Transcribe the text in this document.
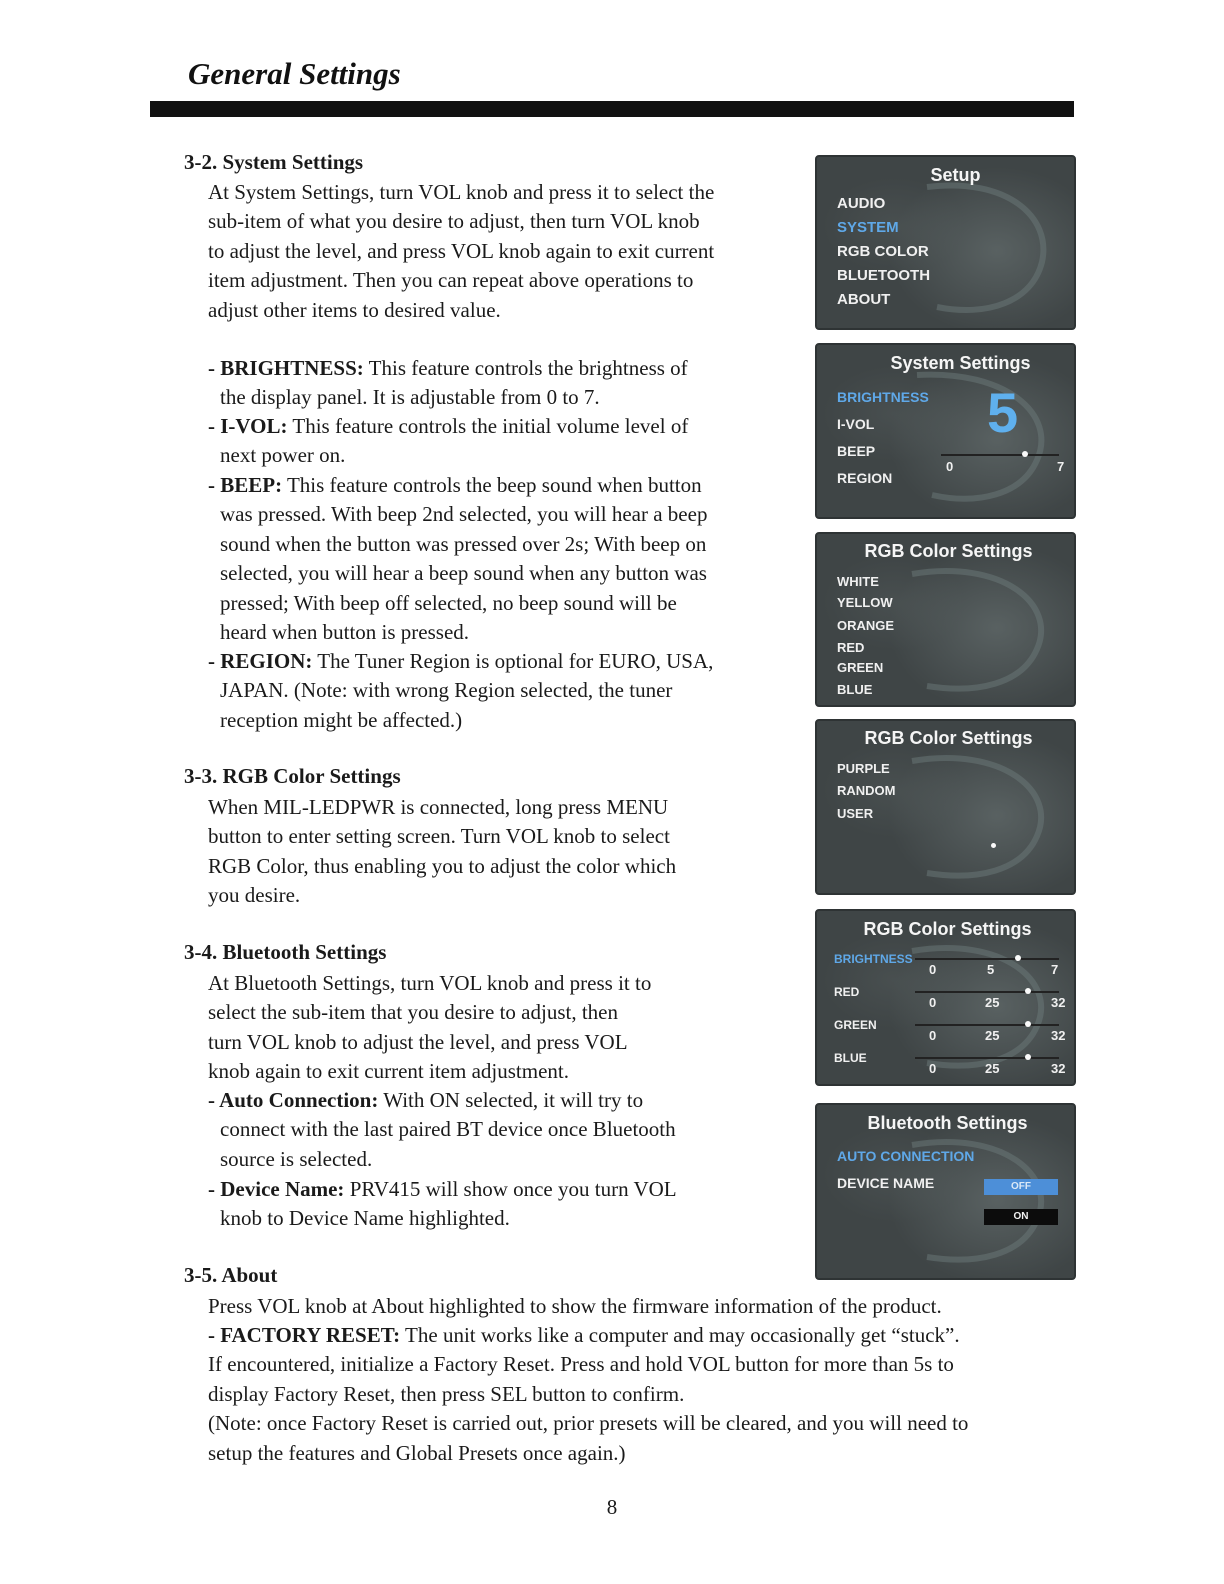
General Settings
3-2. System Settings

At System Settings, turn VOL knob and press it to select the
sub-item of what you desire to adjust, then turn VOL knob
to adjust the level, and press VOL knob again to exit current
item adjustment. Then you can repeat above operations to
adjust other items to desired value.

- BRIGHTNESS: This feature controls the brightness of
the display panel. It is adjustable from 0 to 7.

- I-VOL: This feature controls the initial volume level of
next power on.

- BEEP: This feature controls the beep sound when button
was pressed. With beep 2nd selected, you will hear a beep
sound when the button was pressed over 2s; With beep on
selected, you will hear a beep sound when any button was
pressed; With beep off selected, no beep sound will be
heard when button is pressed.

- REGION: The Tuner Region is optional for EURO, USA,
JAPAN. (Note: with wrong Region selected, the tuner
reception might be affected.)

3-3. RGB Color Settings

When MIL-LEDPWR is connected, long press MENU
button to enter setting screen. Turn VOL knob to select
RGB Color, thus enabling you to adjust the color which
you desire.

3-4. Bluetooth Settings

At Bluetooth Settings, turn VOL knob and press it to
select the sub-item that you desire to adjust, then
turn VOL knob to adjust the level, and press VOL
knob again to exit current item adjustment.

- Auto Connection: With ON selected, it will try to
connect with the last paired BT device once Bluetooth
source is selected.

- Device Name: PRV415 will show once you turn VOL
knob to Device Name highlighted.

3-5. About

Press VOL knob at About highlighted to show the firmware information of the product.

- FACTORY RESET: The unit works like a computer and may occasionally get “stuck”.
If encountered, initialize a Factory Reset. Press and hold VOL button for more than 5s to
display Factory Reset, then press SEL button to confirm.
(Note: once Factory Reset is carried out, prior presets will be cleared, and you will need to
setup the features and Global Presets once again.)

8
Setup
AUDIO
SYSTEM
RGB COLOR
BLUETOOTH
ABOUT
System Settings
BRIGHTNESS
I-VOL
BEEP
REGION
5
0	7
RGB Color Settings
WHITE
YELLOW
ORANGE
RED
GREEN
BLUE
RGB Color Settings
PURPLE
RANDOM
USER
RGB Color Settings
BRIGHTNESS
0	5	7
RED
0	25	32
GREEN
0	25	32
BLUE
0	25	32
Bluetooth Settings
AUTO CONNECTION
DEVICE NAME	OFF
ON
